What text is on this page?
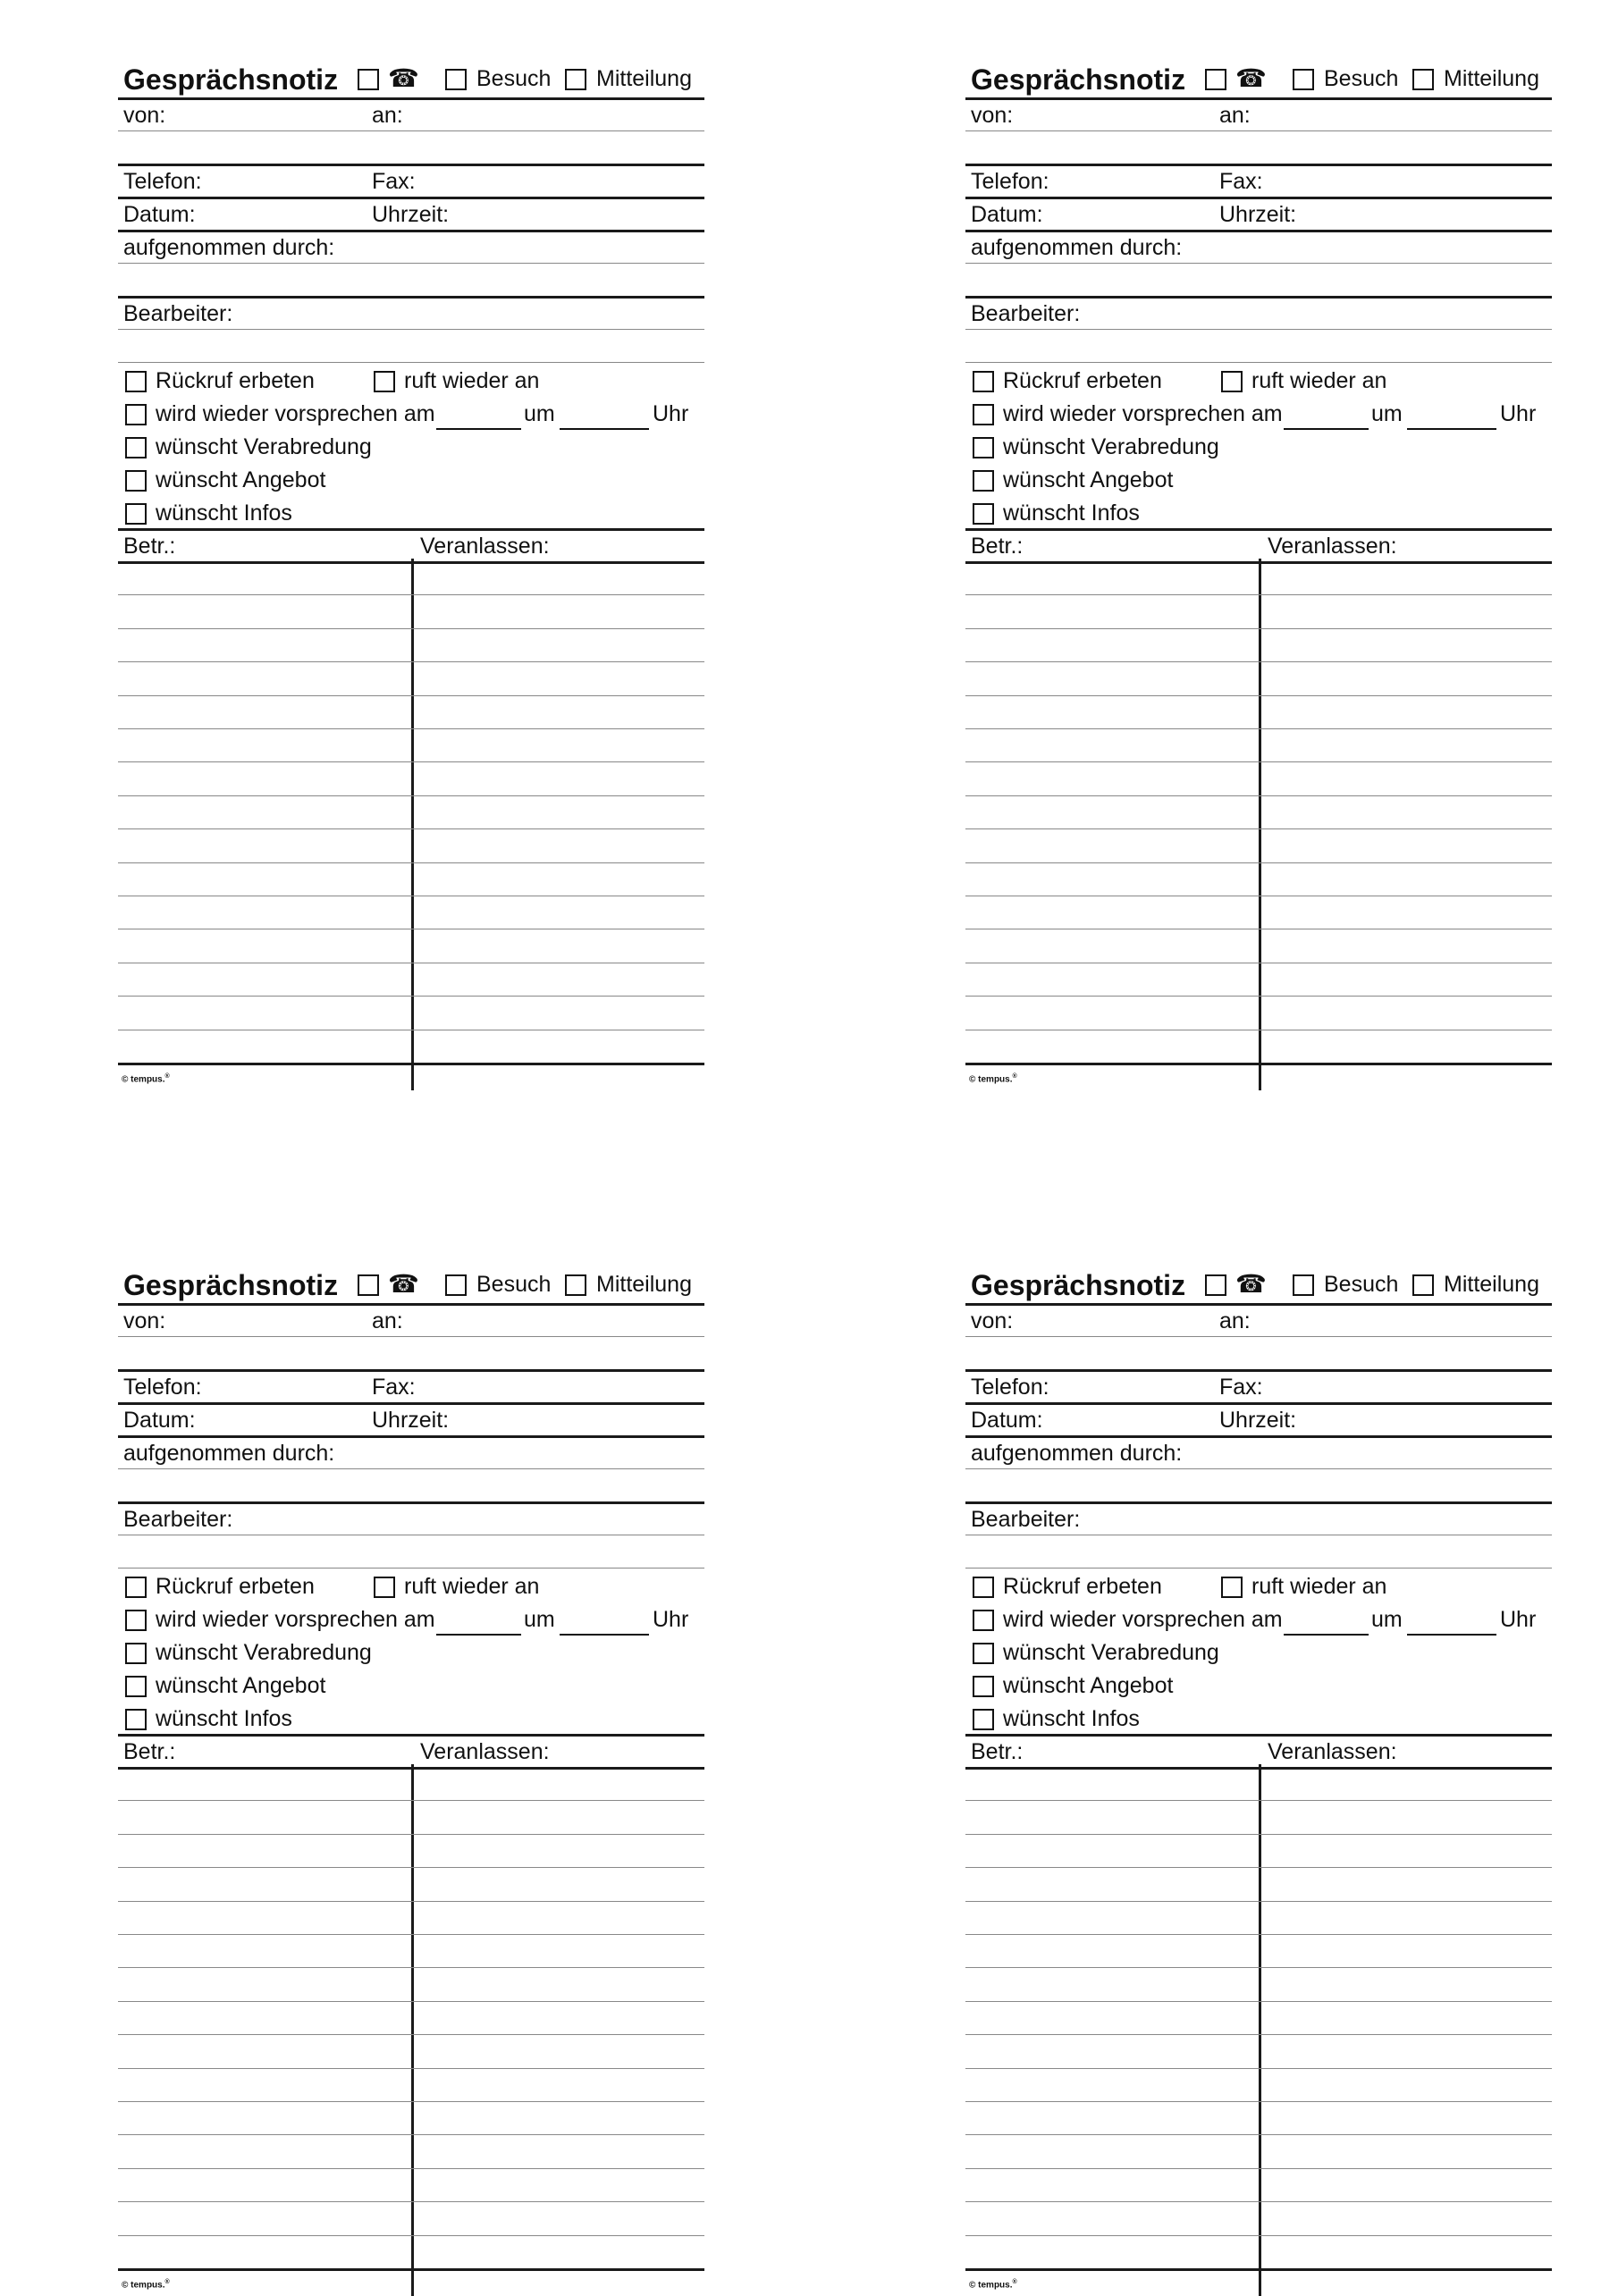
Gesprächsnotiz ☎	Besuch Mitteilung
von:	an:
Telefon:	Fax:
Datum:	Uhrzeit:
aufgenommen durch:
Bearbeiter:
Rückruf erbeten	ruft wieder an
wird wieder vorsprechen am	um	Uhr
wünscht Verabredung
wünscht Angebot
wünscht Infos
Betr.:	Veranlassen:
© tempus.®
Gesprächsnotiz ☎	Besuch Mitteilung
von:	an:
Telefon:	Fax:
Datum:	Uhrzeit:
aufgenommen durch:
Bearbeiter:
Rückruf erbeten	ruft wieder an
wird wieder vorsprechen am	um	Uhr
wünscht Verabredung
wünscht Angebot
wünscht Infos
Betr.:	Veranlassen:
© tempus.®
Gesprächsnotiz ☎	Besuch Mitteilung
von:	an:
Telefon:	Fax:
Datum:	Uhrzeit:
aufgenommen durch:
Bearbeiter:
Rückruf erbeten	ruft wieder an
wird wieder vorsprechen am	um	Uhr
wünscht Verabredung
wünscht Angebot
wünscht Infos
Betr.:	Veranlassen:
© tempus.®
Gesprächsnotiz ☎	Besuch Mitteilung
von:	an:
Telefon:	Fax:
Datum:	Uhrzeit:
aufgenommen durch:
Bearbeiter:
Rückruf erbeten	ruft wieder an
wird wieder vorsprechen am	um	Uhr
wünscht Verabredung
wünscht Angebot
wünscht Infos
Betr.:	Veranlassen:
© tempus.®
